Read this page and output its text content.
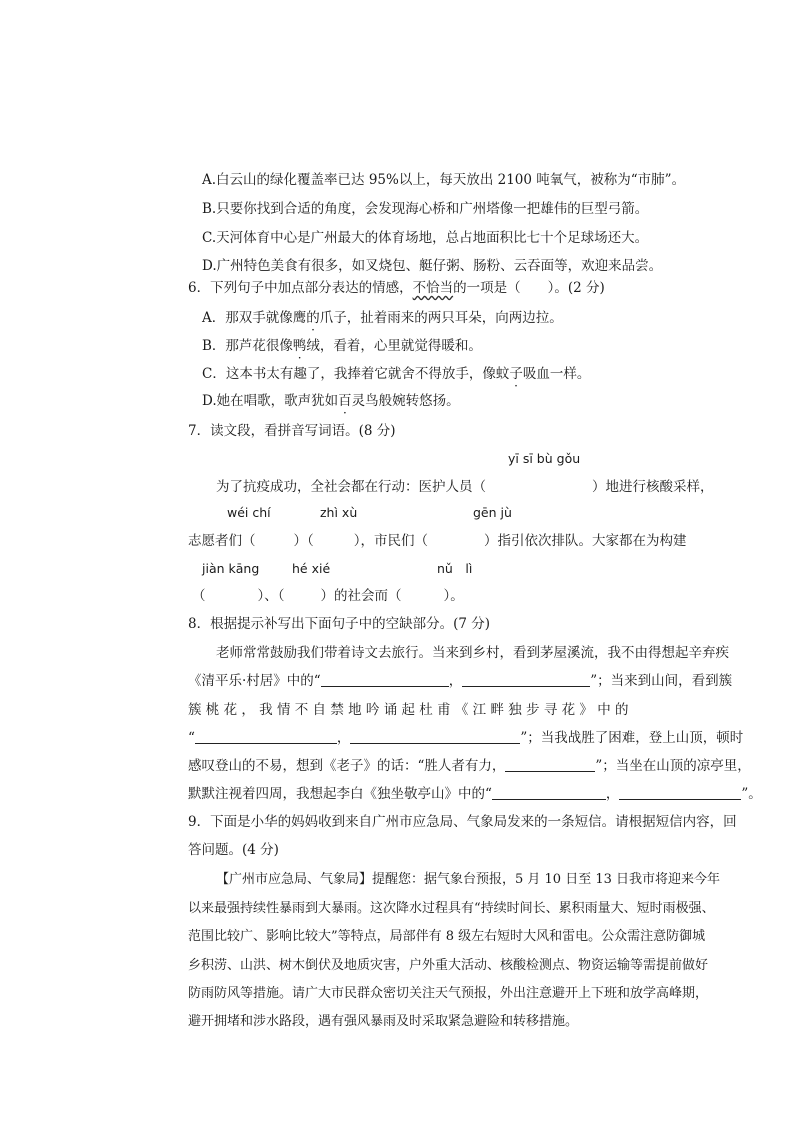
A.白云山的绿化覆盖率已达 95%以上，每天放出 2100 吨氧气，被称为“市肺”。
B.只要你找到合适的角度，会发现海心桥和广州塔像一把雄伟的巨型弓箭。
C.天河体育中心是广州最大的体育场地，总占地面积比七十个足球场还大。
D.广州特色美食有很多，如叉烧包、艇仔粥、肠粉、云吞面等，欢迎来品尝。
6．下列句子中加点部分表达的情感，不恰当的一项是（　　）。(2 分)
A．那双手就像鹰的爪子 ·，扯着雨来的两只耳朵，向两边拉。
B．那芦花很像鸭绒，看着，心里就觉得暖和。
C．这本书太有趣了，我捧着它就舍不得放手，像蚊子吸血 ·一样。
D.她在唱歌，歌声犹如百灵鸟 ·般婉转悠扬。
7．读文段，看拼音写词语。(8 分)
yī sī bù gǒu
为了抗疫成功，全社会都在行动：医护人员（	）地进行核酸采样，
wéi chí	zhì xù	gēn jù
志愿者们（	）（	），市民们（	）指引依次排队。大家都在为构建
jiàn kāng	hé xié	nǔ　lì
（	）、（	）的社会而（	）。
8．根据提示补写出下面句子中的空缺部分。(7 分)
老师常常鼓励我们带着诗文去旅行。当来到乡村，看到茅屋溪流，我不由得想起辛弃疾
《清平乐·村居》中的“	，	”；当来到山间，看到簇
簇 桃 花 ， 我 情 不 自 禁 地 吟 诵 起 杜 甫 《 江 畔 独 步 寻 花 》 中 的
“	，	”；当我战胜了困难，登上山顶，顿时
感叹登山的不易，想到《老子》的话：“胜人者有力，	”；当坐在山顶的凉亭里，
默默注视着四周，我想起李白《独坐敬亭山》中的“	，	”。
9．下面是小华的妈妈收到来自广州市应急局、气象局发来的一条短信。请根据短信内容，回
答问题。(4 分)
【广州市应急局、气象局】提醒您：据气象台预报，5 月 10 日至 13 日我市将迎来今年
以来最强持续性暴雨到大暴雨。这次降水过程具有“持续时间长、累积雨量大、短时雨极强、
范围比较广、影响比较大”等特点，局部伴有 8 级左右短时大风和雷电。公众需注意防御城
乡积涝、山洪、树木倒伏及地质灾害，户外重大活动、核酸检测点、物资运输等需提前做好
防雨防风等措施。请广大市民群众密切关注天气预报，外出注意避开上下班和放学高峰期，
避开拥堵和涉水路段，遇有强风暴雨及时采取紧急避险和转移措施。
